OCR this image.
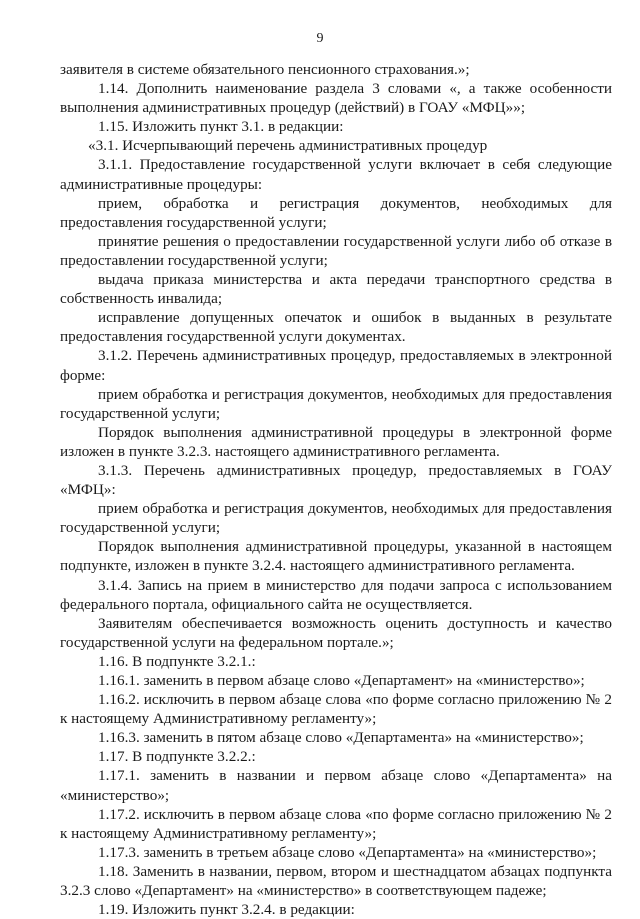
9

заявителя в системе обязательного пенсионного страхования.»;

1.14. Дополнить наименование раздела 3 словами «, а также особенности выполнения административных процедур (действий) в ГОАУ «МФЦ»»;

1.15. Изложить пункт 3.1. в редакции:

«3.1. Исчерпывающий перечень административных процедур

3.1.1. Предоставление государственной услуги включает в себя следующие административные процедуры:

прием, обработка и регистрация документов, необходимых для предоставления государственной услуги;

принятие решения о предоставлении государственной услуги либо об отказе в предоставлении государственной услуги;

выдача приказа министерства и акта передачи транспортного средства в собственность инвалида;

исправление допущенных опечаток и ошибок в выданных в результате предоставления государственной услуги документах.

3.1.2. Перечень административных процедур, предоставляемых в электронной форме:

прием обработка и регистрация документов, необходимых для предоставления государственной услуги;

Порядок выполнения административной процедуры в электронной форме изложен в пункте 3.2.3. настоящего административного регламента.

3.1.3. Перечень административных процедур, предоставляемых в ГОАУ «МФЦ»:

прием обработка и регистрация документов, необходимых для предоставления государственной услуги;

Порядок выполнения административной процедуры, указанной в настоящем подпункте, изложен в пункте 3.2.4. настоящего административного регламента.

3.1.4. Запись на прием в министерство для подачи запроса с использованием федерального портала, официального сайта не осуществляется.

Заявителям обеспечивается возможность оценить доступность и качество государственной услуги на федеральном портале.»;

1.16. В подпункте 3.2.1.:

1.16.1. заменить в первом абзаце слово «Департамент» на «министерство»;

1.16.2. исключить в первом абзаце слова «по форме согласно приложению № 2 к настоящему Административному регламенту»;

1.16.3. заменить в пятом абзаце слово «Департамента» на «министерство»;

1.17. В подпункте 3.2.2.:

1.17.1. заменить в названии и первом абзаце слово «Департамента» на «министерство»;

1.17.2. исключить в первом абзаце слова «по форме согласно приложению № 2 к настоящему Административному регламенту»;

1.17.3. заменить в третьем абзаце слово «Департамента» на «министерство»;

1.18. Заменить в названии, первом, втором и шестнадцатом абзацах подпункта 3.2.3 слово «Департамент» на «министерство» в соответствующем падеже;

1.19. Изложить пункт 3.2.4. в редакции:
